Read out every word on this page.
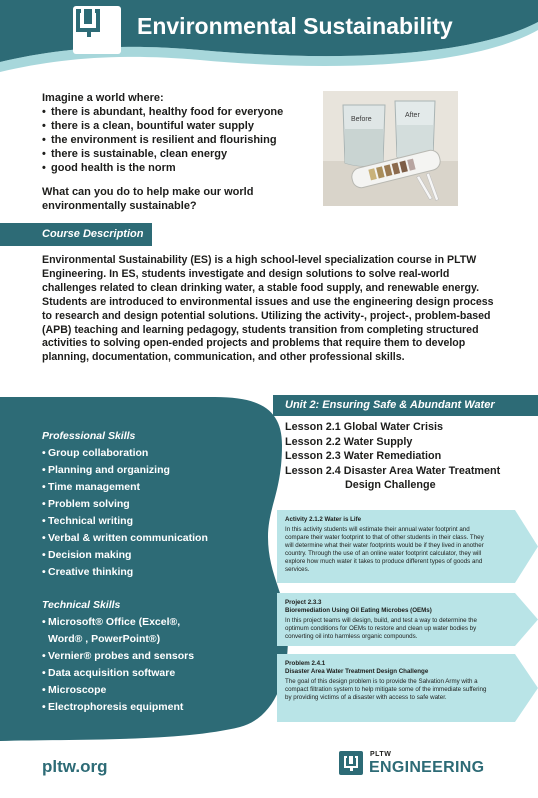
Environmental Sustainability
Imagine a world where:
• there is abundant, healthy food for everyone
• there is a clean, bountiful water supply
• the environment is resilient and flourishing
• there is sustainable, clean energy
• good health is the norm
What can you do to help make our world environmentally sustainable?
Before
After
Course Description
Environmental Sustainability (ES) is a high school-level specialization course in PLTW Engineering. In ES, students investigate and design solutions to solve real-world challenges related to clean drinking water, a stable food supply, and renewable energy. Students are introduced to environmental issues and use the engineering design process to research and design potential solutions. Utilizing the activity-, project-, problem-based (APB) teaching and learning pedagogy, students transition from completing structured activities to solving open-ended projects and problems that require them to develop planning, documentation, communication, and other professional skills.
Professional Skills
• Group collaboration
• Planning and organizing
• Time management
• Problem solving
• Technical writing
• Verbal & written communication
• Decision making
• Creative thinking
Technical Skills
• Microsoft® Office (Excel®,
Word® , PowerPoint®)
• Vernier® probes and sensors
• Data acquisition software
• Microscope
• Electrophoresis equipment
Unit 2: Ensuring Safe & Abundant Water
Lesson 2.1 Global Water Crisis
Lesson 2.2 Water Supply
Lesson 2.3 Water Remediation
Lesson 2.4 Disaster Area Water Treatment
Design Challenge
Activity 2.1.2 Water is Life
In this activity students will estimate their annual water footprint and compare their water footprint to that of other students in their class. They will determine what their water footprints would be if they lived in another country. Through the use of an online water footprint calculator, they will explore how much water it takes to produce different types of goods and services.
Project 2.3.3
Bioremediation Using Oil Eating Microbes (OEMs)
In this project teams will design, build, and test a way to determine the optimum conditions for OEMs to restore and clean up water bodies by converting oil into harmless organic compounds.
Problem 2.4.1
Disaster Area Water Treatment Design Challenge
The goal of this design problem is to provide the Salvation Army with a compact filtration system to help mitigate some of the immediate suffering by providing victims of a disaster with access to safe water.
pltw.org
PLTW
ENGINEERING
